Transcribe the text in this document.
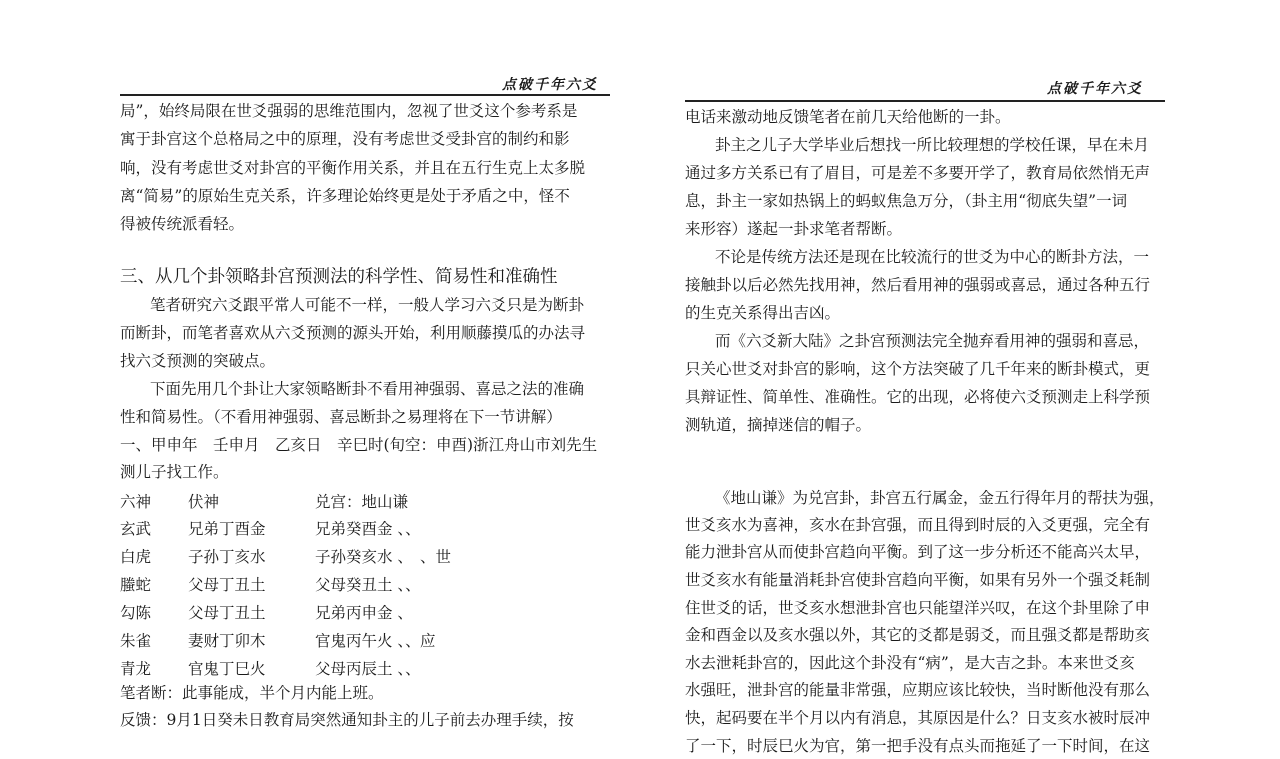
点破千年六爻
局”，始终局限在世爻强弱的思维范围内，忽视了世爻这个参考系是
寓于卦宫这个总格局之中的原理，没有考虑世爻受卦宫的制约和影
响，没有考虑世爻对卦宫的平衡作用关系，并且在五行生克上太多脱
离“简易”的原始生克关系，许多理论始终更是处于矛盾之中，怪不
得被传统派看轻。
三、从几个卦领略卦宫预测法的科学性、简易性和准确性
笔者研究六爻跟平常人可能不一样，一般人学习六爻只是为断卦
而断卦，而笔者喜欢从六爻预测的源头开始，利用顺藤摸瓜的办法寻
找六爻预测的突破点。
下面先用几个卦让大家领略断卦不看用神强弱、喜忌之法的准确
性和简易性。（不看用神强弱、喜忌断卦之易理将在下一节讲解）
一、甲申年　壬申月　乙亥日　辛巳时(旬空：申酉)浙江舟山市刘先生
测儿子找工作。
六神 伏神	兑宫：地山谦
玄武 兄弟丁酉金	兄弟癸酉金 、、
白虎 子孙丁亥水	子孙癸亥水 、 、世
螣蛇 父母丁丑土	父母癸丑土 、、
勾陈 父母丁丑土	兄弟丙申金 、
朱雀 妻财丁卯木	官鬼丙午火 、、 应
青龙 官鬼丁巳火	父母丙辰土 、、
笔者断：此事能成，半个月内能上班。
反馈：9月1日癸未日教育局突然通知卦主的儿子前去办理手续，按
点破千年六爻
电话来激动地反馈笔者在前几天给他断的一卦。
卦主之儿子大学毕业后想找一所比较理想的学校任课，早在未月
通过多方关系已有了眉目，可是差不多要开学了，教育局依然悄无声
息，卦主一家如热锅上的蚂蚁焦急万分，（卦主用“彻底失望”一词
来形容）遂起一卦求笔者帮断。
不论是传统方法还是现在比较流行的世爻为中心的断卦方法，一
接触卦以后必然先找用神，然后看用神的强弱或喜忌，通过各种五行
的生克关系得出吉凶。
而《六爻新大陆》之卦宫预测法完全抛弃看用神的强弱和喜忌，
只关心世爻对卦宫的影响，这个方法突破了几千年来的断卦模式，更
具辩证性、简单性、准确性。它的出现，必将使六爻预测走上科学预
测轨道，摘掉迷信的帽子。
《地山谦》为兑宫卦，卦宫五行属金，金五行得年月的帮扶为强，
世爻亥水为喜神，亥水在卦宫强，而且得到时辰的入爻更强，完全有
能力泄卦宫从而使卦宫趋向平衡。到了这一步分析还不能高兴太早，
世爻亥水有能量消耗卦宫使卦宫趋向平衡，如果有另外一个强爻耗制
住世爻的话，世爻亥水想泄卦宫也只能望洋兴叹，在这个卦里除了申
金和酉金以及亥水强以外，其它的爻都是弱爻，而且强爻都是帮助亥
水去泄耗卦宫的，因此这个卦没有“病”，是大吉之卦。本来世爻亥
水强旺，泄卦宫的能量非常强，应期应该比较快，当时断他没有那么
快，起码要在半个月以内有消息，其原因是什么？日支亥水被时辰冲
了一下，时辰巳火为官，第一把手没有点头而拖延了一下时间，在这
